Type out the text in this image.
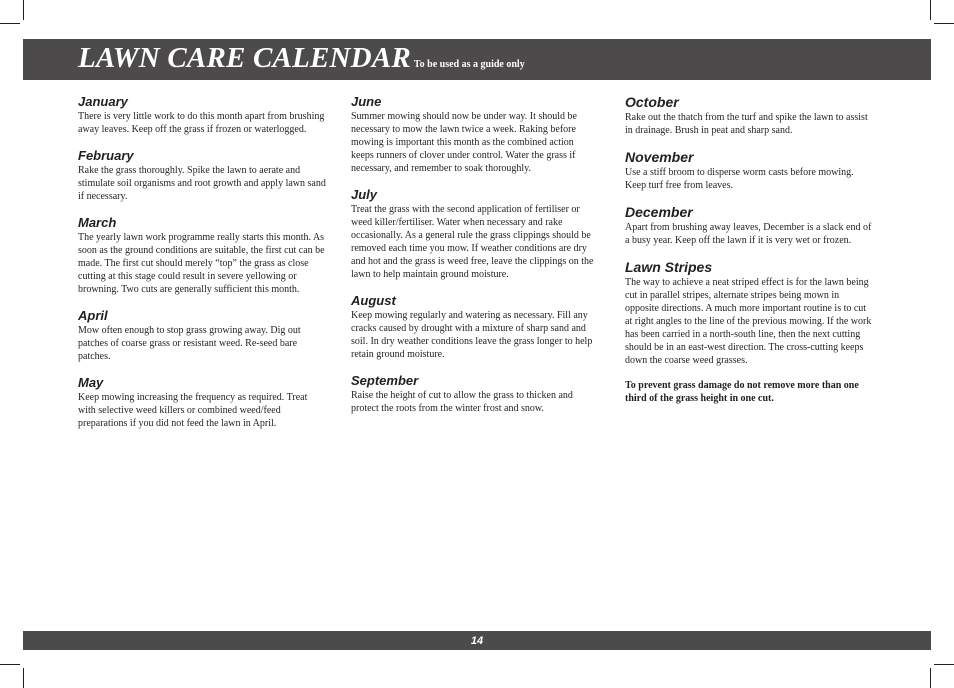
LAWN CARE CALENDAR To be used as a guide only
January

There is very little work to do this month apart from brushing away leaves. Keep off the grass if frozen or waterlogged.

February

Rake the grass thoroughly. Spike the lawn to aerate and stimulate soil organisms and root growth and apply lawn sand if necessary.

March

The yearly lawn work programme really starts this month. As soon as the ground conditions are suitable, the first cut can be made. The first cut should merely “top” the grass as close cutting at this stage could result in severe yellowing or browning. Two cuts are generally sufficient this month.

April

Mow often enough to stop grass growing away. Dig out patches of coarse grass or resistant weed. Re-seed bare patches.

May

Keep mowing increasing the frequency as required. Treat with selective weed killers or combined weed/feed preparations if you did not feed the lawn in April.

June

Summer mowing should now be under way. It should be necessary to mow the lawn twice a week. Raking before mowing is important this month as the combined action keeps runners of clover under control. Water the grass if necessary, and remember to soak thoroughly.

July

Treat the grass with the second application of fertiliser or weed killer/fertiliser. Water when necessary and rake occasionally. As a general rule the grass clippings should be removed each time you mow. If weather conditions are dry and hot and the grass is weed free, leave the clippings on the lawn to help maintain ground moisture.

August

Keep mowing regularly and watering as necessary. Fill any cracks caused by drought with a mixture of sharp sand and soil. In dry weather conditions leave the grass longer to help retain ground moisture.

September

Raise the height of cut to allow the grass to thicken and protect the roots from the winter frost and snow.

October

Rake out the thatch from the turf and spike the lawn to assist in drainage. Brush in peat and sharp sand.

November

Use a stiff broom to disperse worm casts before mowing. Keep turf free from leaves.

December

Apart from brushing away leaves, December is a slack end of a busy year. Keep off the lawn if it is very wet or frozen.

Lawn Stripes

The way to achieve a neat striped effect is for the lawn being cut in parallel stripes, alternate stripes being mown in opposite directions. A much more important routine is to cut at right angles to the line of the previous mowing. If the work has been carried in a north-south line, then the next cutting should be in an east-west direction. The cross-cutting keeps down the coarse weed grasses.

To prevent grass damage do not remove more than one third of the grass height in one cut.

14
